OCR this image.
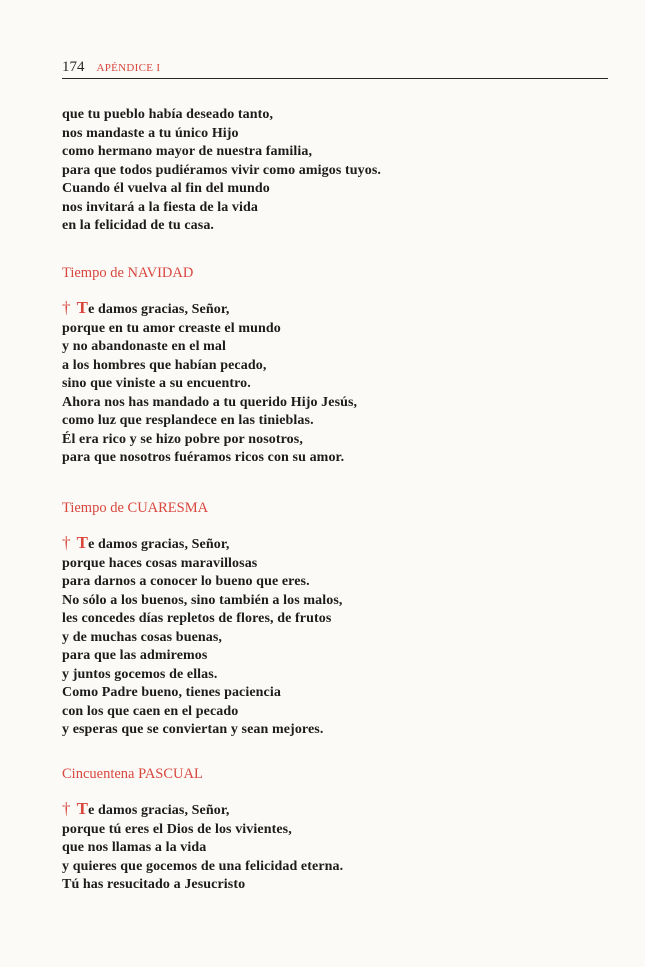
174 APÉNDICE I
que tu pueblo había deseado tanto,
nos mandaste a tu único Hijo
como hermano mayor de nuestra familia,
para que todos pudiéramos vivir como amigos tuyos.
Cuando él vuelva al fin del mundo
nos invitará a la fiesta de la vida
en la felicidad de tu casa.
Tiempo de NAVIDAD
† Te damos gracias, Señor,
porque en tu amor creaste el mundo
y no abandonaste en el mal
a los hombres que habían pecado,
sino que viniste a su encuentro.
Ahora nos has mandado a tu querido Hijo Jesús,
como luz que resplandece en las tinieblas.
Él era rico y se hizo pobre por nosotros,
para que nosotros fuéramos ricos con su amor.
Tiempo de CUARESMA
† Te damos gracias, Señor,
porque haces cosas maravillosas
para darnos a conocer lo bueno que eres.
No sólo a los buenos, sino también a los malos,
les concedes días repletos de flores, de frutos
y de muchas cosas buenas,
para que las admiremos
y juntos gocemos de ellas.
Como Padre bueno, tienes paciencia
con los que caen en el pecado
y esperas que se conviertan y sean mejores.
Cincuentena PASCUAL
† Te damos gracias, Señor,
porque tú eres el Dios de los vivientes,
que nos llamas a la vida
y quieres que gocemos de una felicidad eterna.
Tú has resucitado a Jesucristo
